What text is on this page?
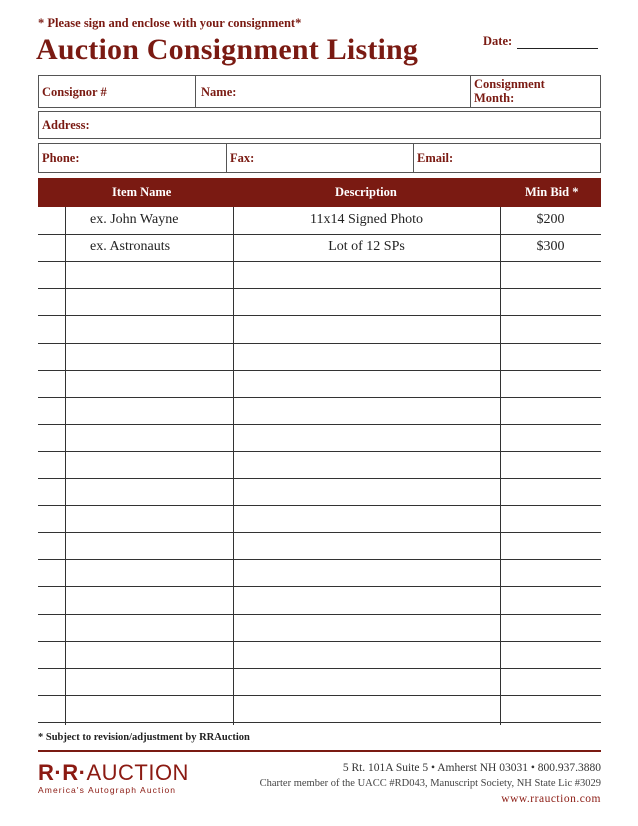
* Please sign and enclose with your consignment*
Auction Consignment Listing	Date:
Consignor #	Name:
Consignment Month:
Address:
Phone:	Fax:	Email:
Item Name	Description	Min Bid *
ex. John Wayne	11x14 Signed Photo	$200
ex. Astronauts	Lot of 12 SPs	$300
* Subject to revision/adjustment by RRAuction
R·R·AUCTION
America's Autograph Auction
5 Rt. 101A Suite 5 • Amherst NH 03031 • 800.937.3880
Charter member of the UACC #RD043, Manuscript Society, NH State Lic #3029
www.rrauction.com
